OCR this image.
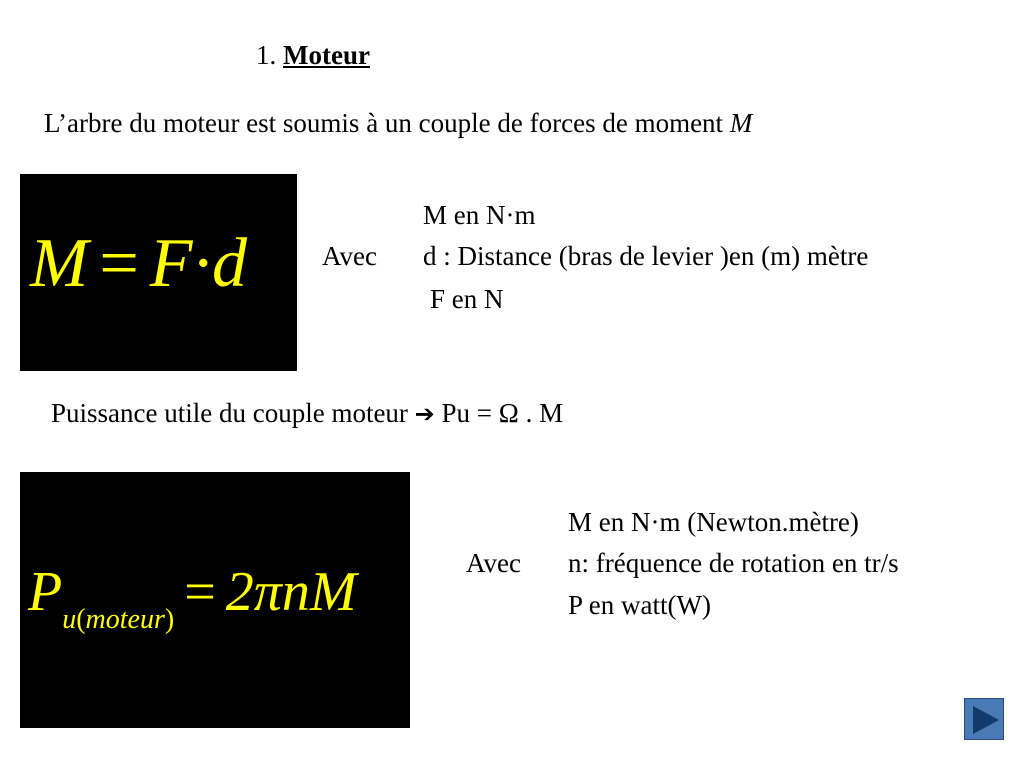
1. Moteur
L’arbre du moteur est soumis à un couple de forces de moment M
M = F·d	Avec
M en N·m
d : Distance (bras de levier )en (m) mètre
F en N
Puissance utile du couple moteur ➔ Pu = Ω . M
$P_{u(moteur)} = 2\pi nM$	Avec
M en N·m (Newton.mètre)
n: fréquence de rotation en tr/s
P en watt(W)
